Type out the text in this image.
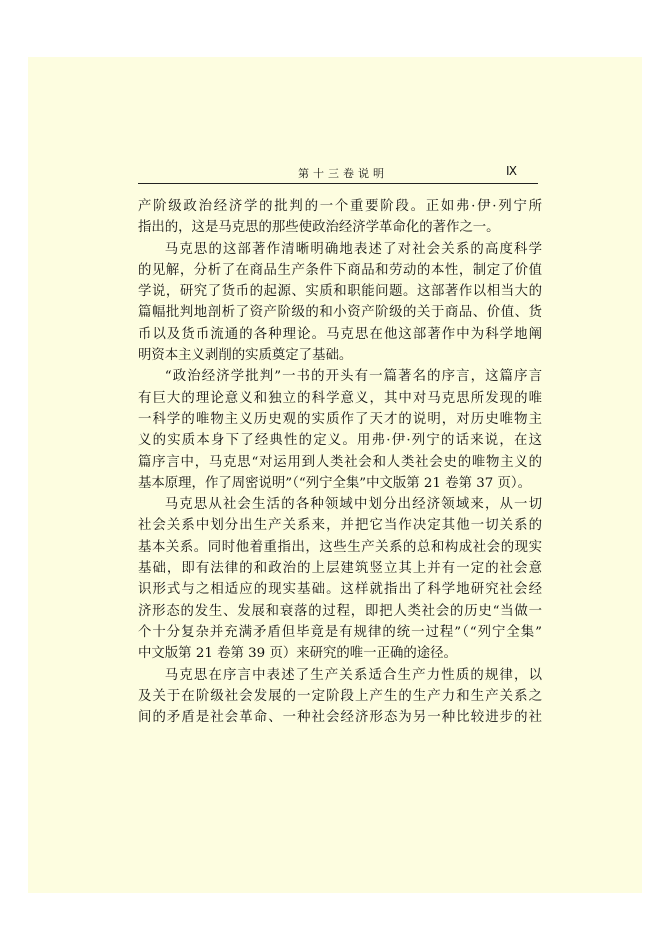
第十三卷说明	Ⅸ

产阶级政治经济学的批判的一个重要阶段。正如弗·伊·列宁所

指出的，这是马克思的那些使政治经济学革命化的著作之一。

马克思的这部著作清晰明确地表述了对社会关系的高度科学

的见解，分析了在商品生产条件下商品和劳动的本性，制定了价值

学说，研究了货币的起源、实质和职能问题。这部著作以相当大的

篇幅批判地剖析了资产阶级的和小资产阶级的关于商品、价值、货

币以及货币流通的各种理论。马克思在他这部著作中为科学地阐

明资本主义剥削的实质奠定了基础。

“政治经济学批判”一书的开头有一篇著名的序言，这篇序言

有巨大的理论意义和独立的科学意义，其中对马克思所发现的唯

一科学的唯物主义历史观的实质作了天才的说明，对历史唯物主

义的实质本身下了经典性的定义。用弗·伊·列宁的话来说，在这

篇序言中，马克思“对运用到人类社会和人类社会史的唯物主义的

基本原理，作了周密说明”（“列宁全集”中文版第 21 卷第 37 页）。

马克思从社会生活的各种领域中划分出经济领域来，从一切

社会关系中划分出生产关系来，并把它当作决定其他一切关系的

基本关系。同时他着重指出，这些生产关系的总和构成社会的现实

基础，即有法律的和政治的上层建筑竖立其上并有一定的社会意

识形式与之相适应的现实基础。这样就指出了科学地研究社会经

济形态的发生、发展和衰落的过程，即把人类社会的历史“当做一

个十分复杂并充满矛盾但毕竟是有规律的统一过程”（“列宁全集”

中文版第 21 卷第 39 页）来研究的唯一正确的途径。

马克思在序言中表述了生产关系适合生产力性质的规律，以

及关于在阶级社会发展的一定阶段上产生的生产力和生产关系之

间的矛盾是社会革命、一种社会经济形态为另一种比较进步的社
